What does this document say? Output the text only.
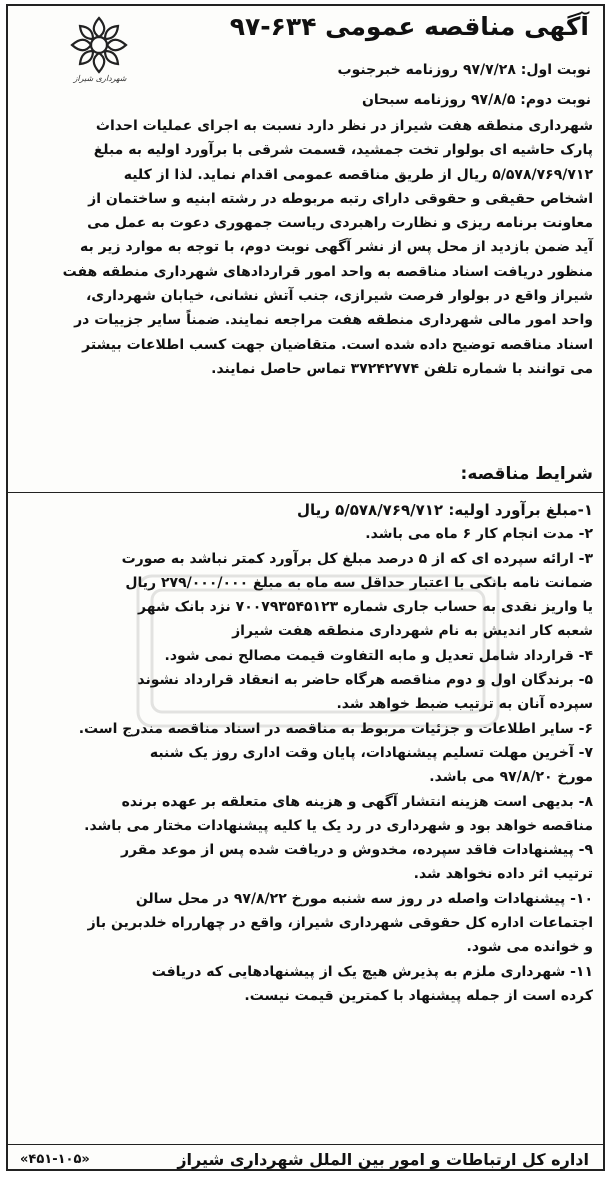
شهرداری شیراز
آگهی مناقصه عمومی ۶۳۴-۹۷
نوبت اول: ۹۷/۷/۲۸ روزنامه خبرجنوب
نوبت دوم: ۹۷/۸/۵ روزنامه سبحان

شهرداری منطقه هفت شیراز در نظر دارد نسبت به اجرای عملیات احداث

پارک حاشیه ای بولوار تخت جمشید، قسمت شرقی با برآورد اولیه به مبلغ

۵/۵۷۸/۷۶۹/۷۱۲ ریال از طریق مناقصه عمومی اقدام نماید. لذا از کلیه

اشخاص حقیقی و حقوقی دارای رتبه مربوطه در رشته ابنیه و ساختمان از

معاونت برنامه ریزی و نظارت راهبردی ریاست جمهوری دعوت به عمل می

آید ضمن بازدید از محل پس از نشر آگهی نوبت دوم، با توجه به موارد زیر به

منظور دریافت اسناد مناقصه به واحد امور قراردادهای شهرداری منطقه هفت

شیراز واقع در بولوار فرصت شیرازی، جنب آتش نشانی، خیابان شهرداری،

واحد امور مالی شهرداری منطقه هفت مراجعه نمایند. ضمناً سایر جزییات در

اسناد مناقصه توضیح داده شده است. متقاضیان جهت کسب اطلاعات بیشتر

می توانند با شماره تلفن ۳۷۲۴۲۷۷۴ تماس حاصل نمایند.

شرایط مناقصه:

۱-مبلغ برآورد اولیه: ۵/۵۷۸/۷۶۹/۷۱۲ ریال

۲- مدت انجام کار ۶ ماه می باشد.

۳- ارائه سپرده ای که از ۵ درصد مبلغ کل برآورد کمتر نباشد به صورت

ضمانت نامه بانکی با اعتبار حداقل سه ماه به مبلغ ۲۷۹/۰۰۰/۰۰۰ ریال

یا واریز نقدی به حساب جاری شماره ۷۰۰۷۹۳۵۴۵۱۲۳ نزد بانک شهر

شعبه کار اندیش به نام شهرداری منطقه هفت شیراز

۴- قرارداد شامل تعدیل و مابه التفاوت قیمت مصالح نمی شود.

۵- برندگان اول و دوم مناقصه هرگاه حاضر به انعقاد قرارداد نشوند

سپرده آنان به ترتیب ضبط خواهد شد.

۶- سایر اطلاعات و جزئیات مربوط به مناقصه در اسناد مناقصه مندرج است.

۷- آخرین مهلت تسلیم پیشنهادات، پایان وقت اداری روز یک شنبه

مورخ ۹۷/۸/۲۰ می باشد.

۸- بدیهی است هزینه انتشار آگهی و هزینه های متعلقه بر عهده برنده

مناقصه خواهد بود و شهرداری در رد یک یا کلیه پیشنهادات مختار می باشد.

۹- پیشنهادات فاقد سپرده، مخدوش و دریافت شده پس از موعد مقرر

ترتیب اثر داده نخواهد شد.

۱۰- پیشنهادات واصله در روز سه شنبه مورخ ۹۷/۸/۲۲ در محل سالن

اجتماعات اداره کل حقوقی شهرداری شیراز، واقع در چهارراه خلدبرین باز

و خوانده می شود.

۱۱- شهرداری ملزم به پذیرش هیچ یک از پیشنهادهایی که دریافت

کرده است از جمله پیشنهاد با کمترین قیمت نیست.

اداره کل ارتباطات و امور بین الملل شهرداری شیراز
«۴۵۱-۱۰۵»
